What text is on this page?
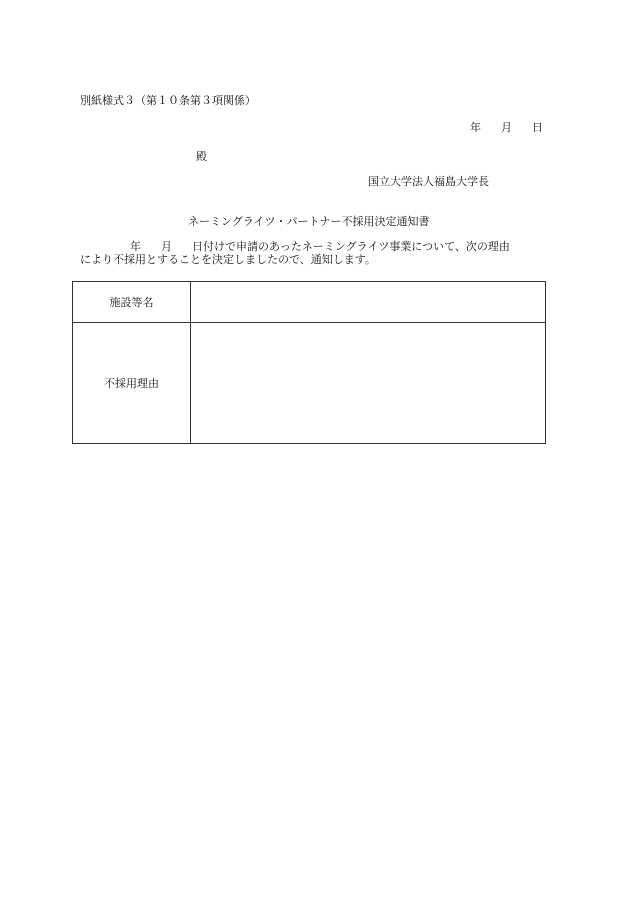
別紙様式３（第１０条第３項関係）
年 月 日
殿
国立大学法人福島大学長
ネーミングライツ・パートナー不採用決定通知書
年 月 日付けで申請のあったネーミングライツ事業について、次の理由
により不採用とすることを決定しましたので、通知します。
施設等名	
不採用理由	
